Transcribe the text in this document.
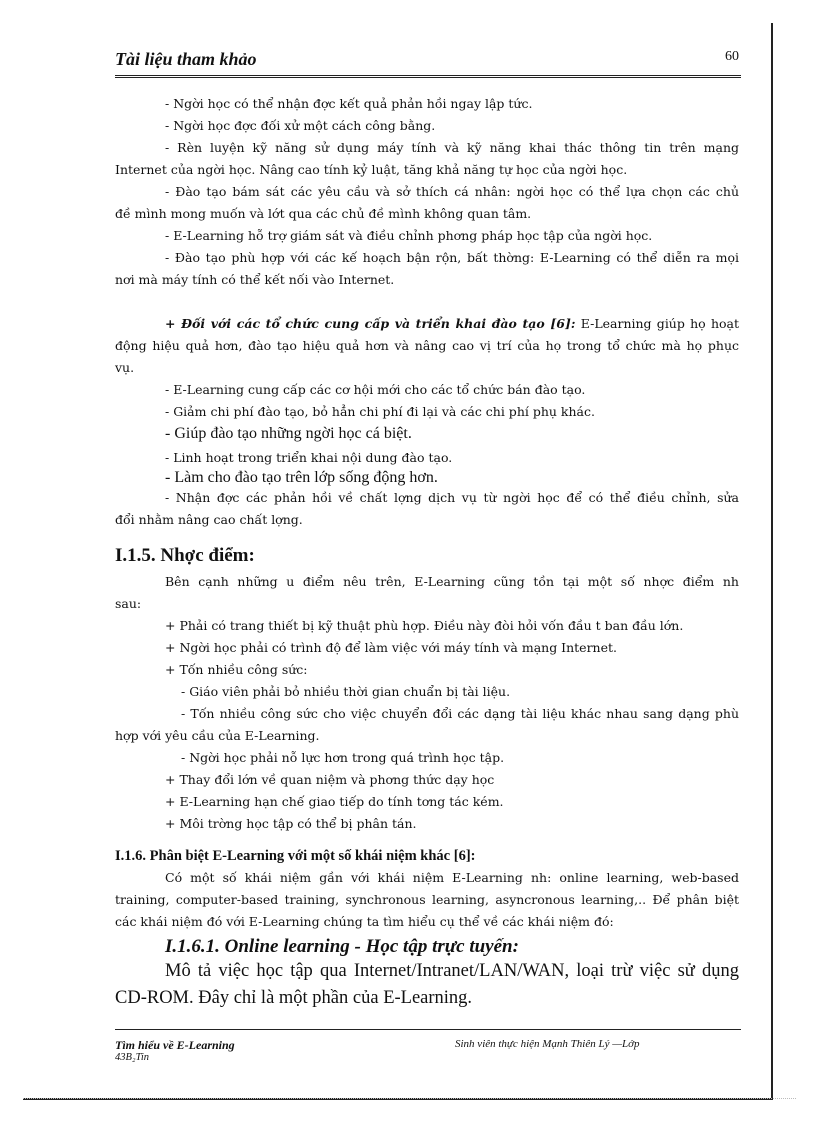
Tài liệu tham khảo	60
- Ngời học có thể nhận đợc kết quả phản hồi ngay lập tức.
- Ngời học đợc đối xử một cách công bằng.
- Rèn luyện kỹ năng sử dụng máy tính và kỹ năng khai thác thông tin trên mạng
Internet của ngời học. Nâng cao tính kỷ luật, tăng khả năng tự học của ngời học.
- Đào tạo bám sát các yêu cầu và sở thích cá nhân: ngời học có thể lựa chọn các chủ
đề mình mong muốn và lớt qua các chủ đề mình không quan tâm.
- E-Learning hỗ trợ giám sát và điều chỉnh phơng pháp học tập của ngời học.
- Đào tạo phù hợp với các kế hoạch bận rộn, bất thờng: E-Learning có thể diễn ra mọi
nơi mà máy tính có thể kết nối vào Internet.
+ Đối với các tổ chức cung cấp và triển khai đào tạo [6]: E-Learning giúp họ hoạt
động hiệu quả hơn, đào tạo hiệu quả hơn và nâng cao vị trí của họ trong tổ chức mà họ phục
vụ.
- E-Learning cung cấp các cơ hội mới cho các tổ chức bán đào tạo.
- Giảm chi phí đào tạo, bỏ hẳn chi phí đi lại và các chi phí phụ khác.
- Giúp đào tạo những ngời học cá biệt.
- Linh hoạt trong triển khai nội dung đào tạo.
- Làm cho đào tạo trên lớp sống động hơn.
- Nhận đợc các phản hồi về chất lợng dịch vụ từ ngời học để có thể điều chỉnh, sửa
đổi nhằm nâng cao chất lợng.
I.1.5. Nhợc điểm:
Bên cạnh những u điểm nêu trên, E-Learning cũng tồn tại một số nhợc điểm nh
sau:
+ Phải có trang thiết bị kỹ thuật phù hợp. Điều này đòi hỏi vốn đầu t ban đầu lớn.
+ Ngời học phải có trình độ để làm việc với máy tính và mạng Internet.
+ Tốn nhiều công sức:
- Giáo viên phải bỏ nhiều thời gian chuẩn bị tài liệu.
- Tốn nhiều công sức cho việc chuyển đổi các dạng tài liệu khác nhau sang dạng phù
hợp với yêu cầu của E-Learning.
- Ngời học phải nỗ lực hơn trong quá trình học tập.
+ Thay đổi lớn về quan niệm và phơng thức dạy học
+ E-Learning hạn chế giao tiếp do tính tơng tác kém.
+ Môi trờng học tập có thể bị phân tán.
I.1.6. Phân biệt E-Learning với một số khái niệm khác [6]:
Có một số khái niệm gần với khái niệm E-Learning nh: online learning, web-based
training, computer-based training, synchronous learning, asyncronous learning,.. Để phân biệt
các khái niệm đó với E-Learning chúng ta tìm hiểu cụ thể về các khái niệm đó:
I.1.6.1. Online learning - Học tập trực tuyến:
Mô tả việc học tập qua Internet/Intranet/LAN/WAN, loại trừ việc sử dụng
CD-ROM. Đây chỉ là một phần của E-Learning.
Tìm hiểu về E-Learning
43B₂Tin
Sinh viên thực hiện Mạnh Thiên Lý —Lớp
